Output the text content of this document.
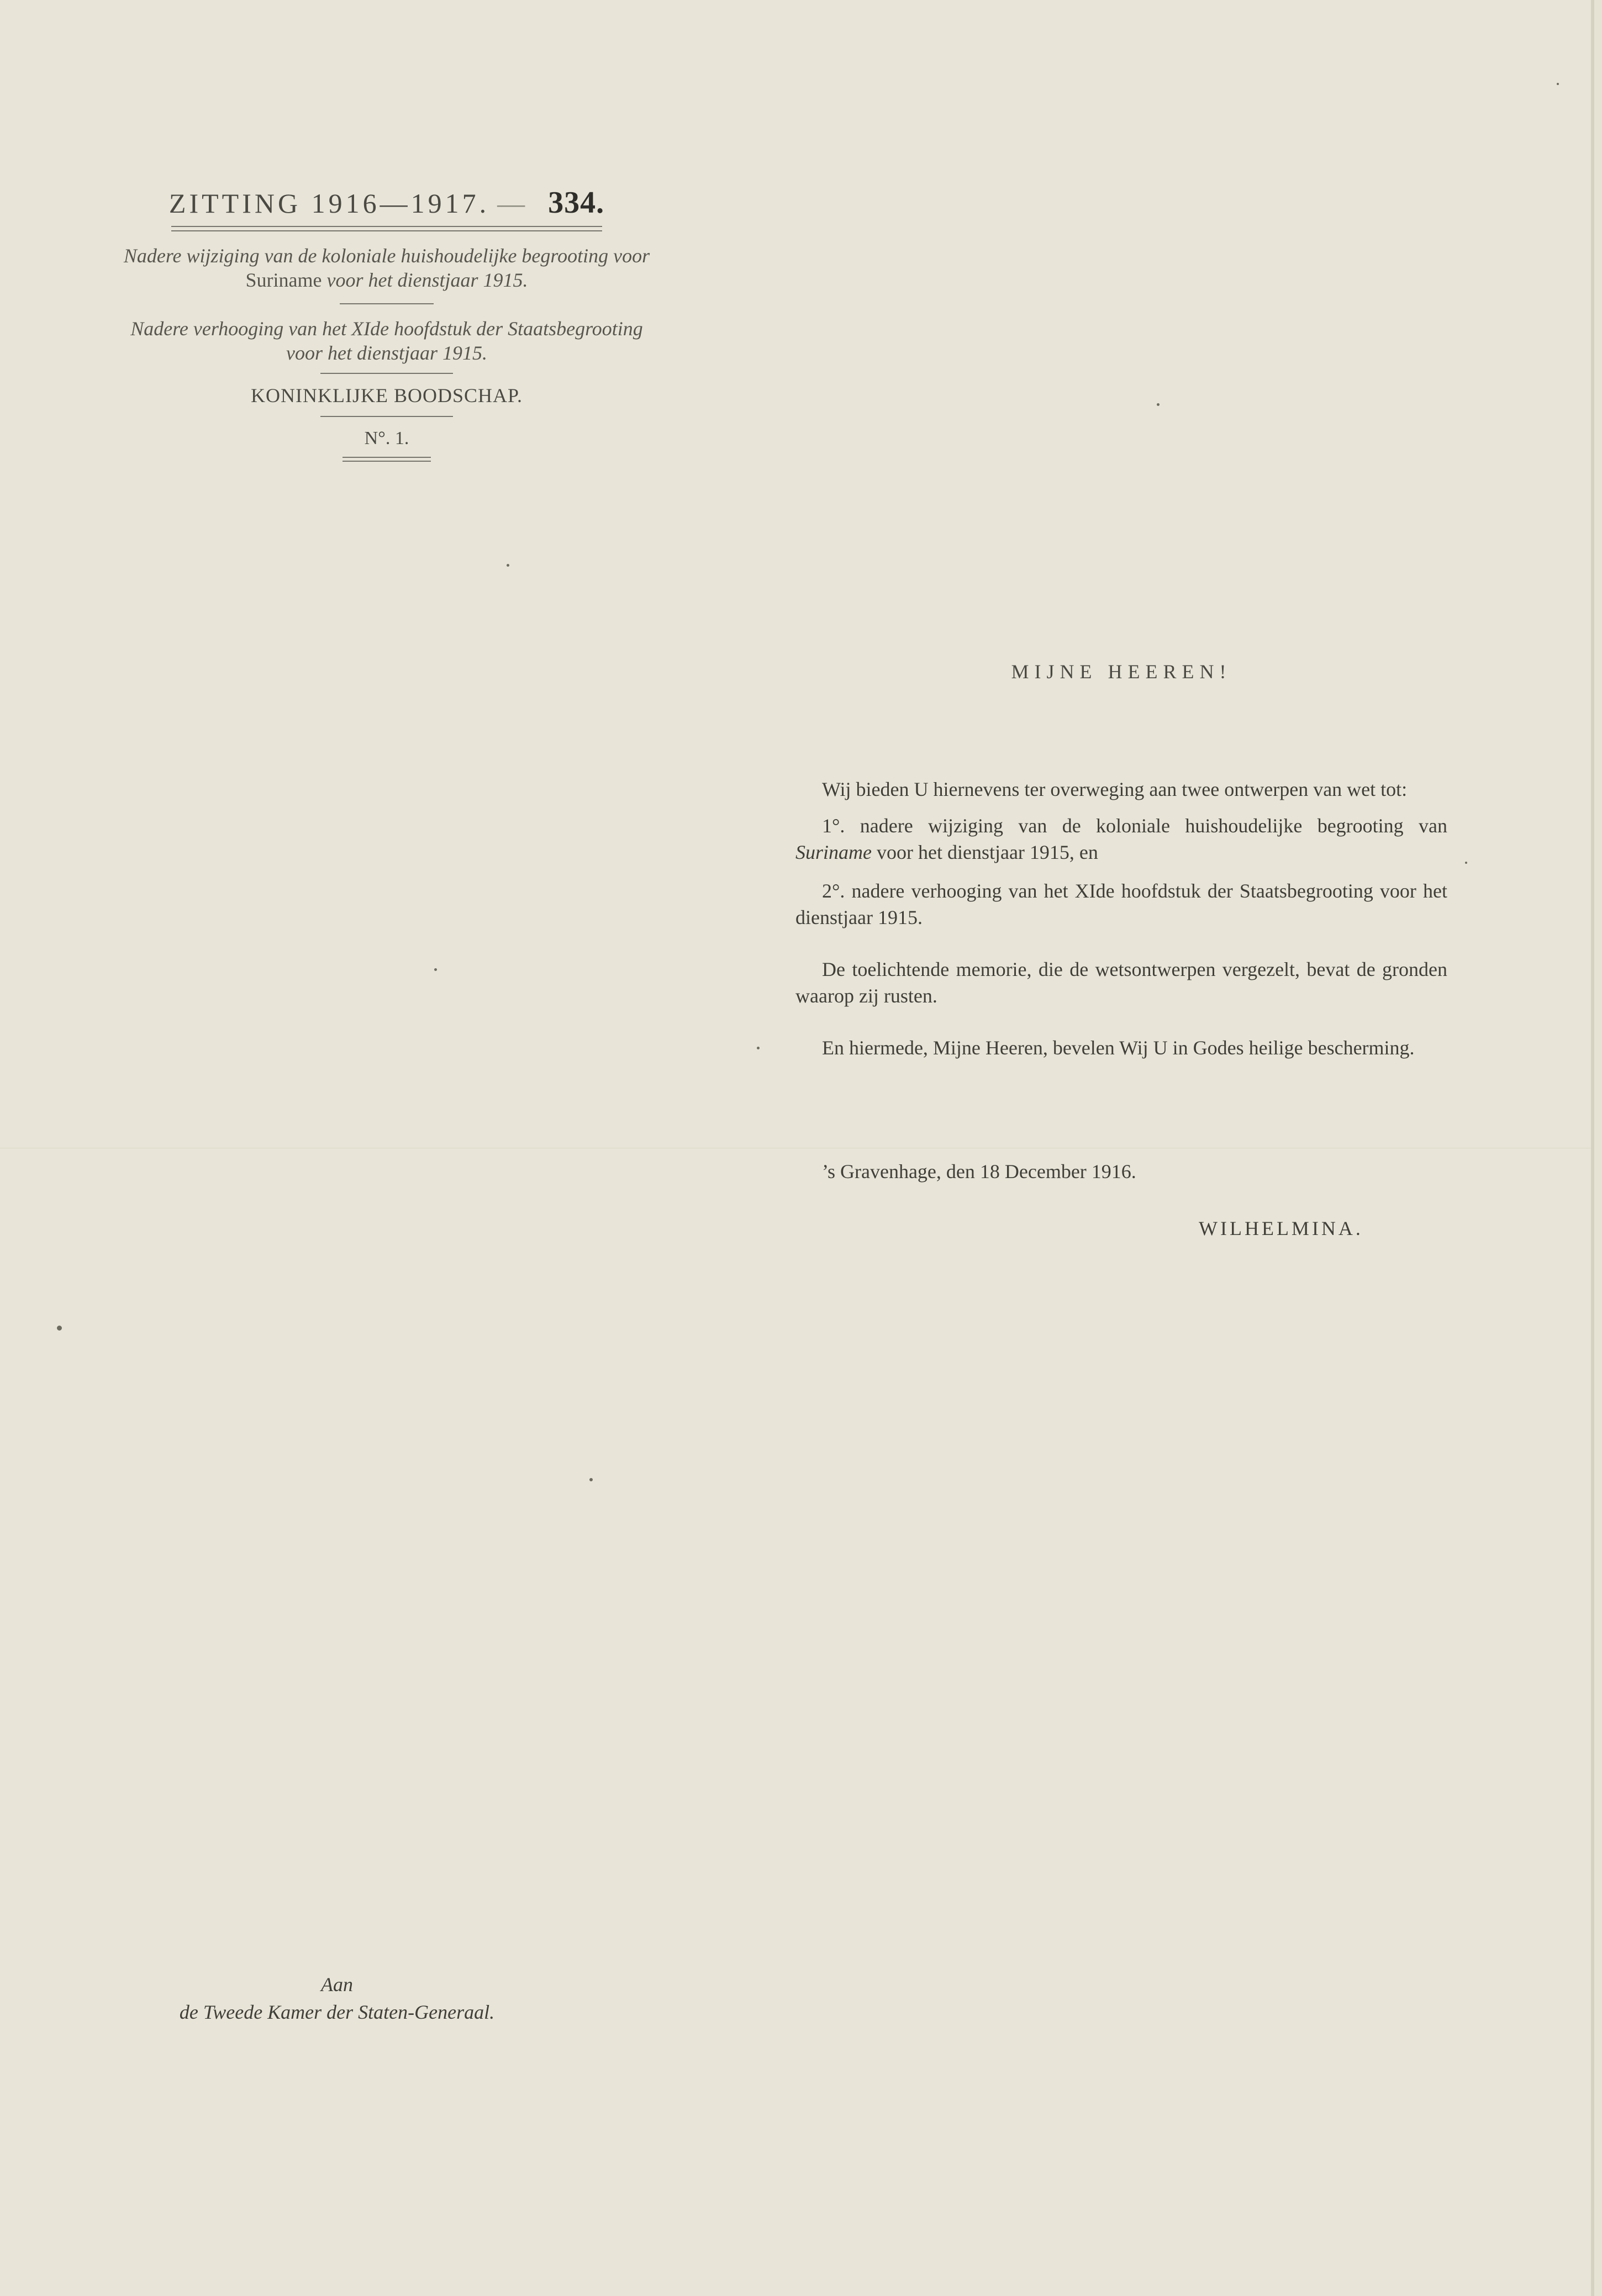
ZITTING 1916—1917. — 334.
Nadere wijziging van de koloniale huishoudelijke begrooting voor Suriname voor het dienstjaar 1915.
Nadere verhooging van het XIde hoofdstuk der Staatsbegrooting voor het dienstjaar 1915.
KONINKLIJKE BOODSCHAP.
N°. 1.
MIJNE HEEREN!
Wij bieden U hiernevens ter overweging aan twee ontwerpen van wet tot:
1°. nadere wijziging van de koloniale huishoudelijke begrooting van Suriname voor het dienstjaar 1915, en
2°. nadere verhooging van het XIde hoofdstuk der Staatsbegrooting voor het dienstjaar 1915.
De toelichtende memorie, die de wetsontwerpen vergezelt, bevat de gronden waarop zij rusten.
En hiermede, Mijne Heeren, bevelen Wij U in Godes heilige bescherming.
’s Gravenhage, den 18 December 1916.
WILHELMINA.
Aan
de Tweede Kamer der Staten-Generaal.
